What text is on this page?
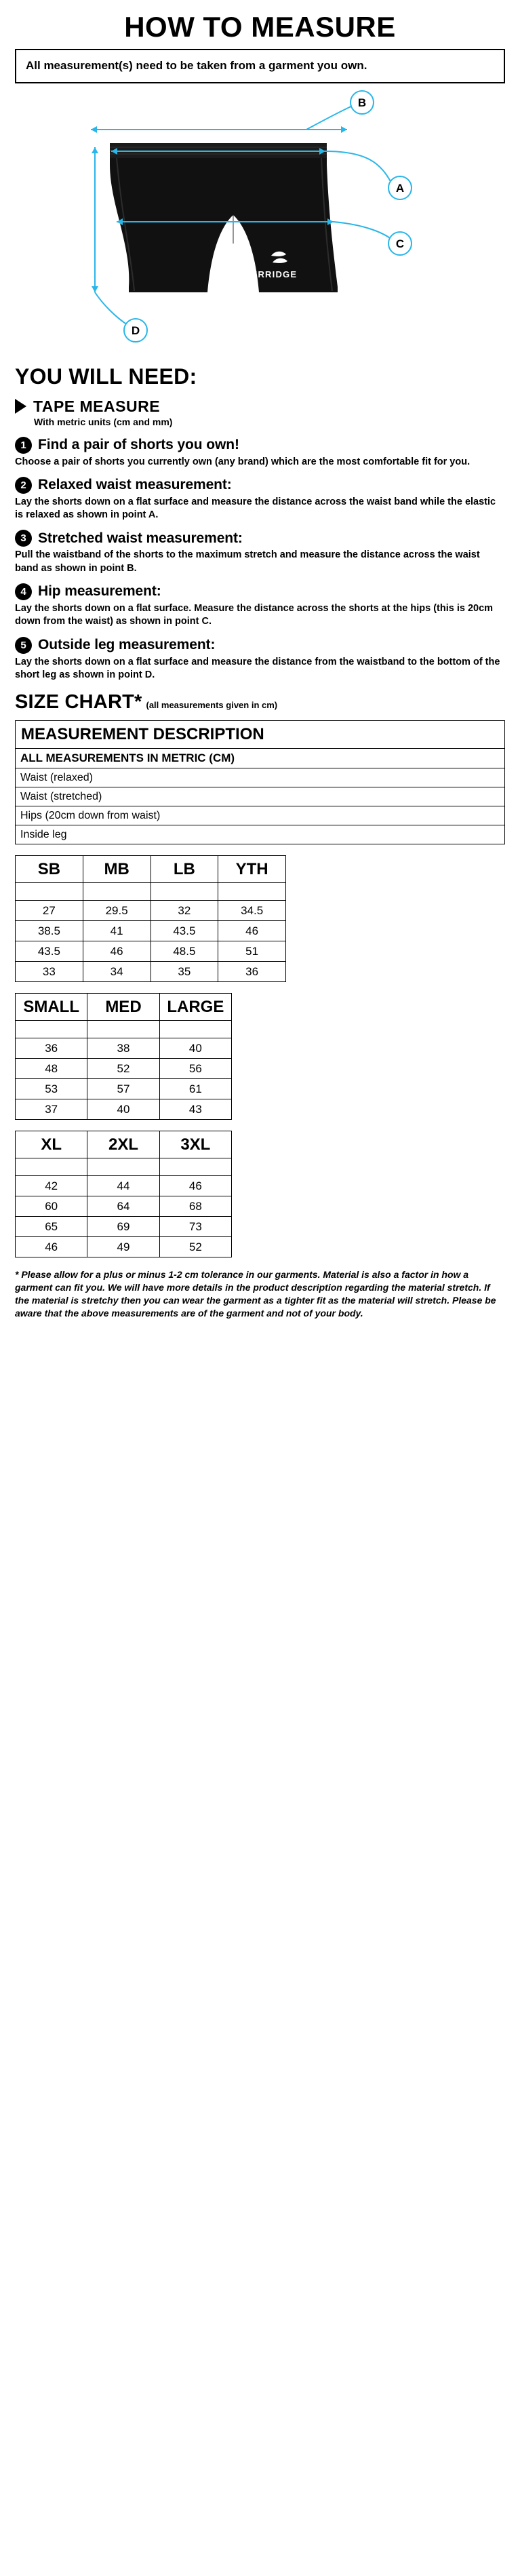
HOW TO MEASURE
All measurement(s) need to be taken from a garment you own.
SURRIDGE
B
A
C
D
YOU WILL NEED:
TAPE MEASURE
With metric units (cm and mm)
1 Find a pair of shorts you own!
Choose a pair of shorts you currently own (any brand) which are the most comfortable fit for you.
2 Relaxed waist measurement:
Lay the shorts down on a flat surface and measure the distance across the waist band while the elastic is relaxed as shown in point A.
3 Stretched waist measurement:
Pull the waistband of the shorts to the maximum stretch and measure the distance across the waist band as shown in point B.
4 Hip measurement:
Lay the shorts down on a flat surface. Measure the distance across the shorts at the hips (this is 20cm down from the waist) as shown in point C.
5 Outside leg measurement:
Lay the shorts down on a flat surface and measure the distance from the waistband to the bottom of the short leg as shown in point D.
SIZE CHART* (all measurements given in cm)
MEASUREMENT DESCRIPTION
ALL MEASUREMENTS IN METRIC (CM)
Waist (relaxed)
Waist (stretched)
Hips (20cm down from waist)
Inside leg
SB	MB	LB	YTH

27	29.5	32	34.5
38.5	41	43.5	46
43.5	46	48.5	51
33	34	35	36
SMALL	MED	LARGE

36	38	40
48	52	56
53	57	61
37	40	43
XL	2XL	3XL

42	44	46
60	64	68
65	69	73
46	49	52
* Please allow for a plus or minus 1-2 cm tolerance in our garments. Material is also a factor in how a garment can fit you. We will have more details in the product description regarding the material stretch. If the material is stretchy then you can wear the garment as a tighter fit as the material will stretch. Please be aware that the above measurements are of the garment and not of your body.
